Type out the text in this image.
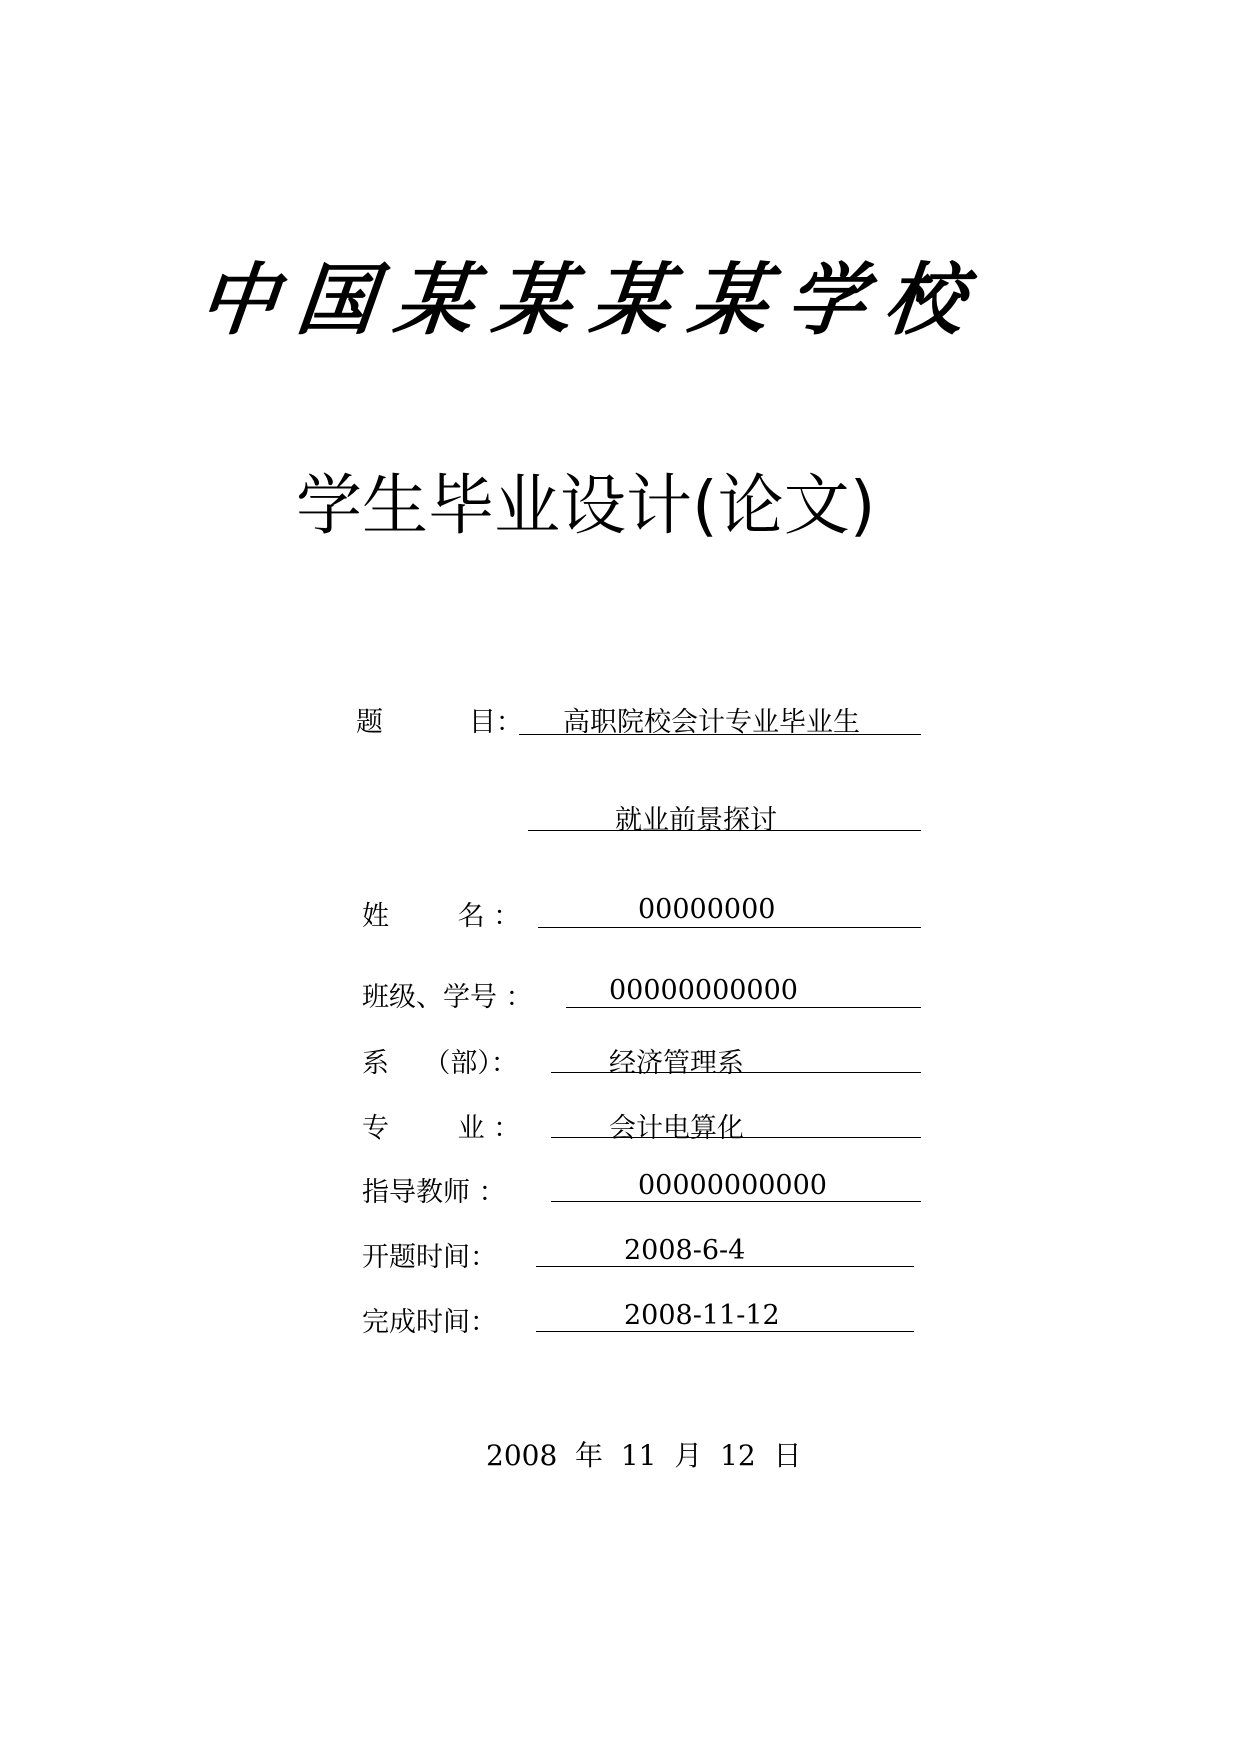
中国某某某某学校
学生毕业设计(论文)
题          目： 高职院校会计专业毕业生
就业前景探讨
姓        名 ：	00000000
班级、学号 ：	00000000000
系    （部）：	经济管理系
专        业 ：	会计电算化
指导教师 ：	00000000000
开题时间：	2008-6-4
完成时间：	2008-11-12
2008  年  11  月  12  日
